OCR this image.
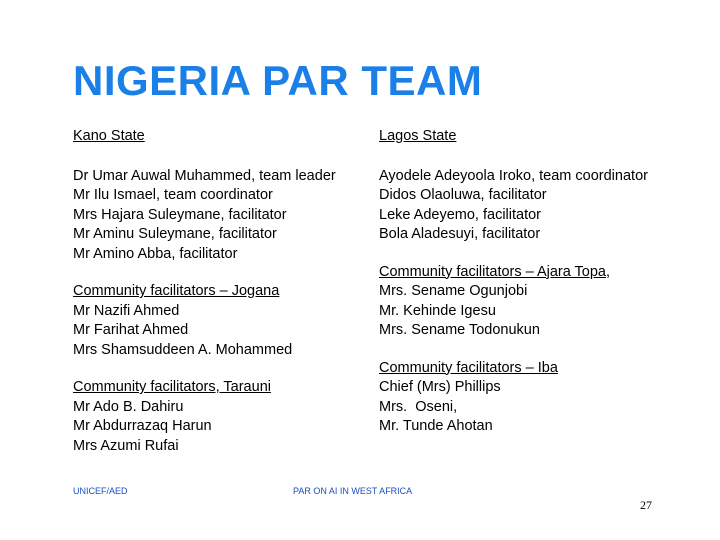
NIGERIA PAR TEAM
Kano State
Dr Umar Auwal Muhammed, team leader
Mr Ilu Ismael, team coordinator
Mrs Hajara Suleymane, facilitator
Mr Aminu Suleymane, facilitator
Mr Amino Abba, facilitator
Community facilitators – Jogana
Mr Nazifi Ahmed
Mr Farihat Ahmed
Mrs Shamsuddeen A. Mohammed
Community facilitators, Tarauni
Mr Ado B. Dahiru
Mr Abdurrazaq Harun
Mrs Azumi Rufai
Lagos State
Ayodele Adeyoola Iroko, team coordinator
Didos Olaoluwa, facilitator
Leke Adeyemo, facilitator
Bola Aladesuyi, facilitator
Community facilitators – Ajara Topa,
Mrs. Sename Ogunjobi
Mr. Kehinde Igesu
Mrs. Sename Todonukun
Community facilitators – Iba
Chief (Mrs) Phillips
Mrs.  Oseni,
Mr. Tunde Ahotan
UNICEF/AED	PAR ON AI IN WEST AFRICA
27
